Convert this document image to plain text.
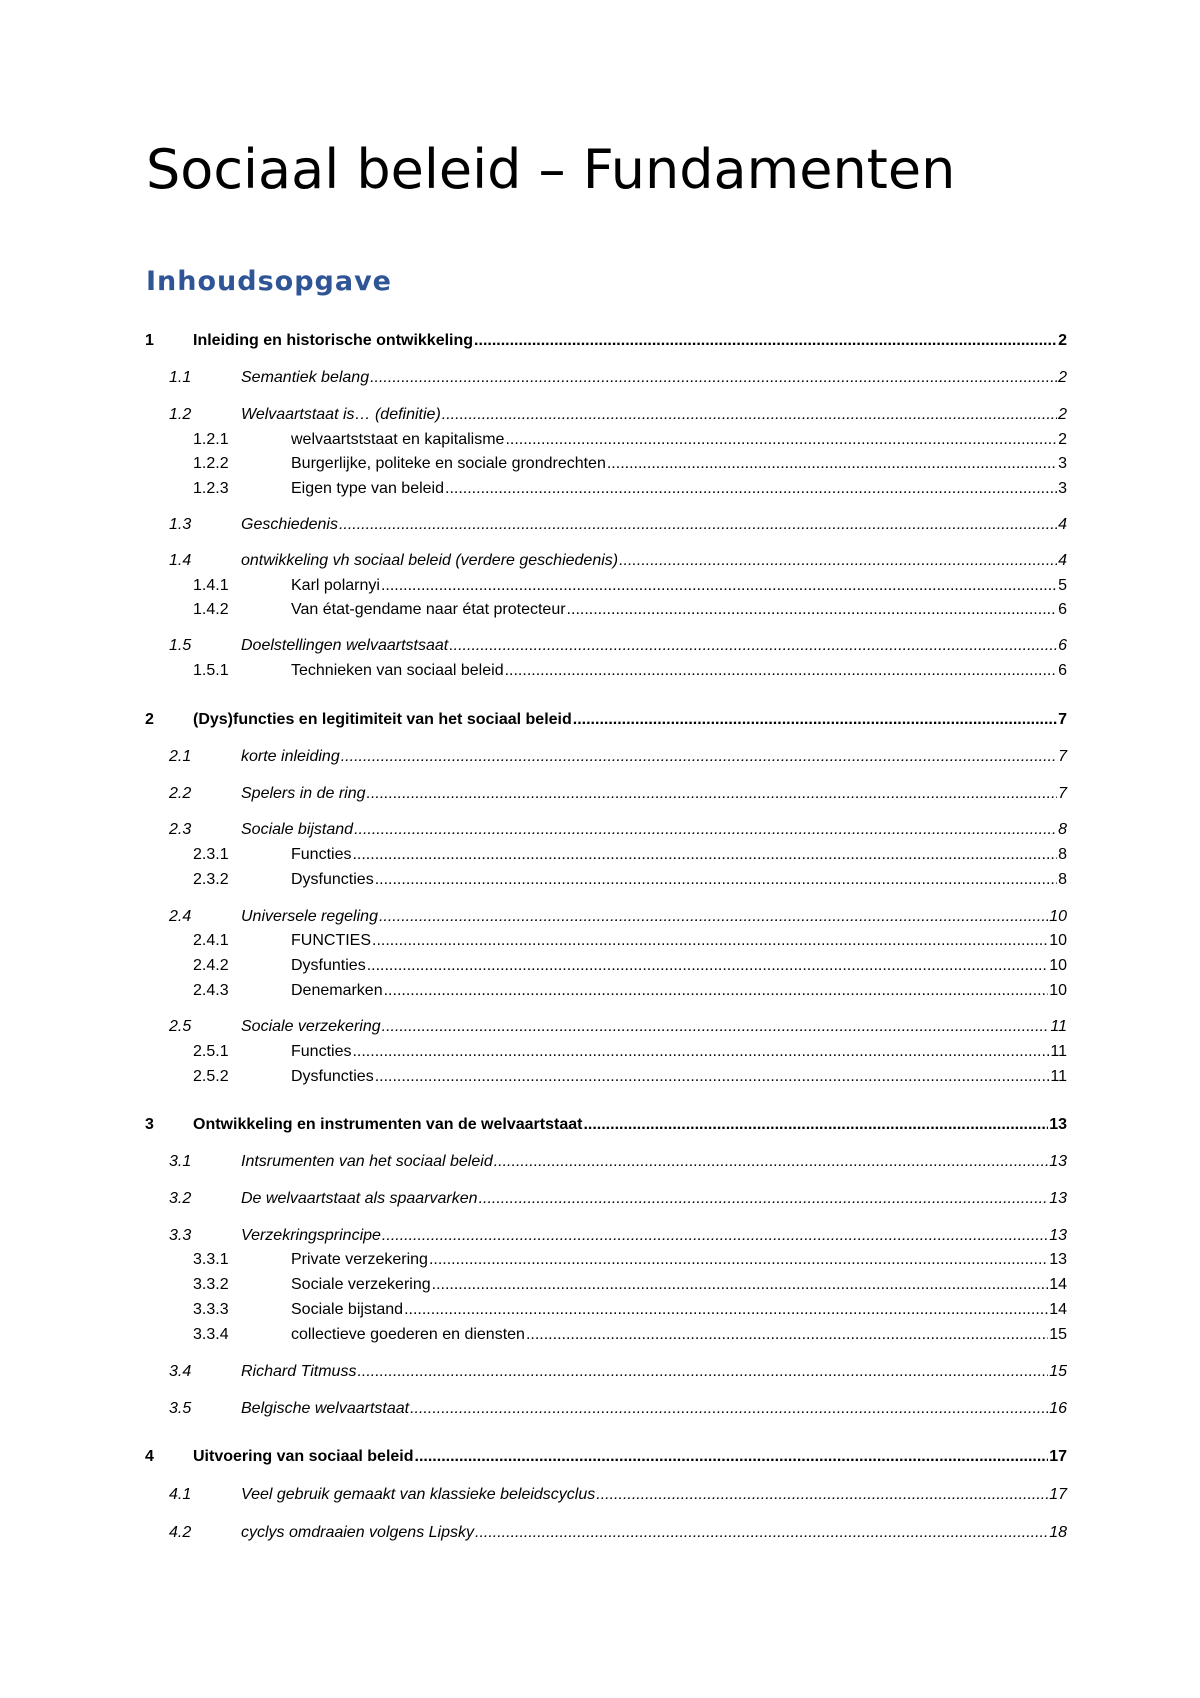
Sociaal beleid – Fundamenten
Inhoudsopgave
1 Inleiding en historische ontwikkeling .....	2
1.1	Semantiek belang .....	2
1.2	Welvaartstaat is… (definitie) .....	2
1.2.1	welvaartststaat en kapitalisme .....	2
1.2.2	Burgerlijke, politeke en sociale grondrechten .....	3
1.2.3	Eigen type van beleid .....	3
1.3	Geschiedenis .....	4
1.4	ontwikkeling vh sociaal beleid (verdere geschiedenis) .....	4
1.4.1	Karl polarnyi .....	5
1.4.2	Van état-gendame naar état protecteur .....	6
1.5	Doelstellingen welvaartstsaat .....	6
1.5.1	Technieken van sociaal beleid .....	6
2 (Dys)functies en legitimiteit van het sociaal beleid .....	7
2.1	korte inleiding .....	7
2.2	Spelers in de ring .....	7
2.3	Sociale bijstand .....	8
2.3.1	Functies .....	8
2.3.2	Dysfuncties .....	8
2.4	Universele regeling .....	10
2.4.1	FUNCTIES .....	10
2.4.2	Dysfunties .....	10
2.4.3	Denemarken .....	10
2.5	Sociale verzekering .....	11
2.5.1	Functies .....	11
2.5.2	Dysfuncties .....	11
3 Ontwikkeling en instrumenten van de welvaartstaat .....	13
3.1	Intsrumenten van het sociaal beleid .....	13
3.2	De welvaartstaat als spaarvarken .....	13
3.3	Verzekringsprincipe .....	13
3.3.1	Private verzekering .....	13
3.3.2	Sociale verzekering .....	14
3.3.3	Sociale bijstand .....	14
3.3.4	collectieve goederen en diensten .....	15
3.4	Richard Titmuss .....	15
3.5	Belgische welvaartstaat .....	16
4 Uitvoering van sociaal beleid .....	17
4.1	Veel gebruik gemaakt van klassieke beleidscyclus .....	17
4.2	cyclys omdraaien volgens Lipsky .....	18
